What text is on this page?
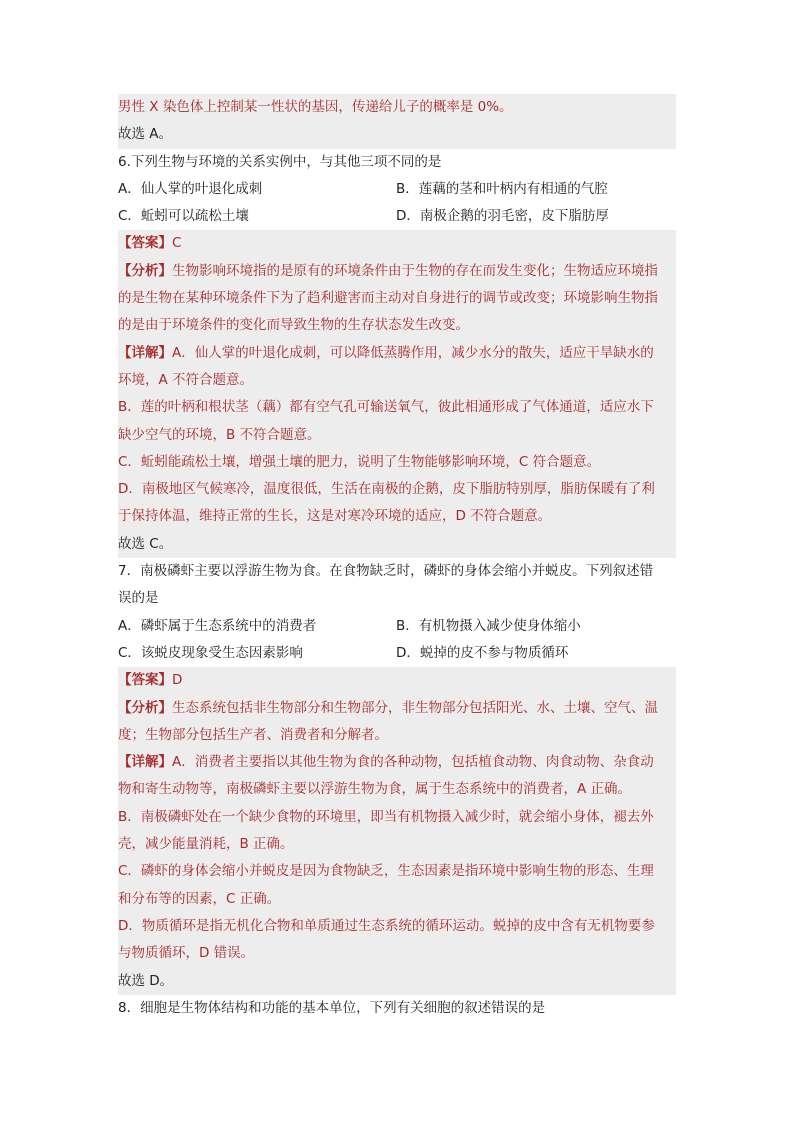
男性 X 染色体上控制某一性状的基因，传递给儿子的概率是 0%。
故选 A。
6.下列生物与环境的关系实例中，与其他三项不同的是
A．仙人掌的叶退化成刺	B．莲藕的茎和叶柄内有相通的气腔
C．蚯蚓可以疏松土壤	D．南极企鹅的羽毛密，皮下脂肪厚
【答案】C
【分析】生物影响环境指的是原有的环境条件由于生物的存在而发生变化；生物适应环境指
的是生物在某种环境条件下为了趋利避害而主动对自身进行的调节或改变；环境影响生物指
的是由于环境条件的变化而导致生物的生存状态发生改变。
【详解】A．仙人掌的叶退化成刺，可以降低蒸腾作用，减少水分的散失，适应干旱缺水的
环境，A 不符合题意。
B．莲的叶柄和根状茎（藕）都有空气孔可输送氧气，彼此相通形成了气体通道，适应水下
缺少空气的环境，B 不符合题意。
C．蚯蚓能疏松土壤，增强土壤的肥力，说明了生物能够影响环境，C 符合题意。
D．南极地区气候寒冷，温度很低，生活在南极的企鹅，皮下脂肪特别厚，脂肪保暖有了利
于保持体温，维持正常的生长，这是对寒冷环境的适应，D 不符合题意。
故选 C。
7．南极磷虾主要以浮游生物为食。在食物缺乏时，磷虾的身体会缩小并蜕皮。下列叙述错
误的是
A．磷虾属于生态系统中的消费者	B．有机物摄入减少使身体缩小
C．该蜕皮现象受生态因素影响	D．蜕掉的皮不参与物质循环
【答案】D
【分析】生态系统包括非生物部分和生物部分，非生物部分包括阳光、水、土壤、空气、温
度；生物部分包括生产者、消费者和分解者。
【详解】A．消费者主要指以其他生物为食的各种动物，包括植食动物、肉食动物、杂食动
物和寄生动物等，南极磷虾主要以浮游生物为食，属于生态系统中的消费者，A 正确。
B．南极磷虾处在一个缺少食物的环境里，即当有机物摄入减少时，就会缩小身体，褪去外
壳，减少能量消耗，B 正确。
C．磷虾的身体会缩小并蜕皮是因为食物缺乏，生态因素是指环境中影响生物的形态、生理
和分布等的因素，C 正确。
D．物质循环是指无机化合物和单质通过生态系统的循环运动。蜕掉的皮中含有无机物要参
与物质循环，D 错误。
故选 D。
8．细胞是生物体结构和功能的基本单位，下列有关细胞的叙述错误的是
